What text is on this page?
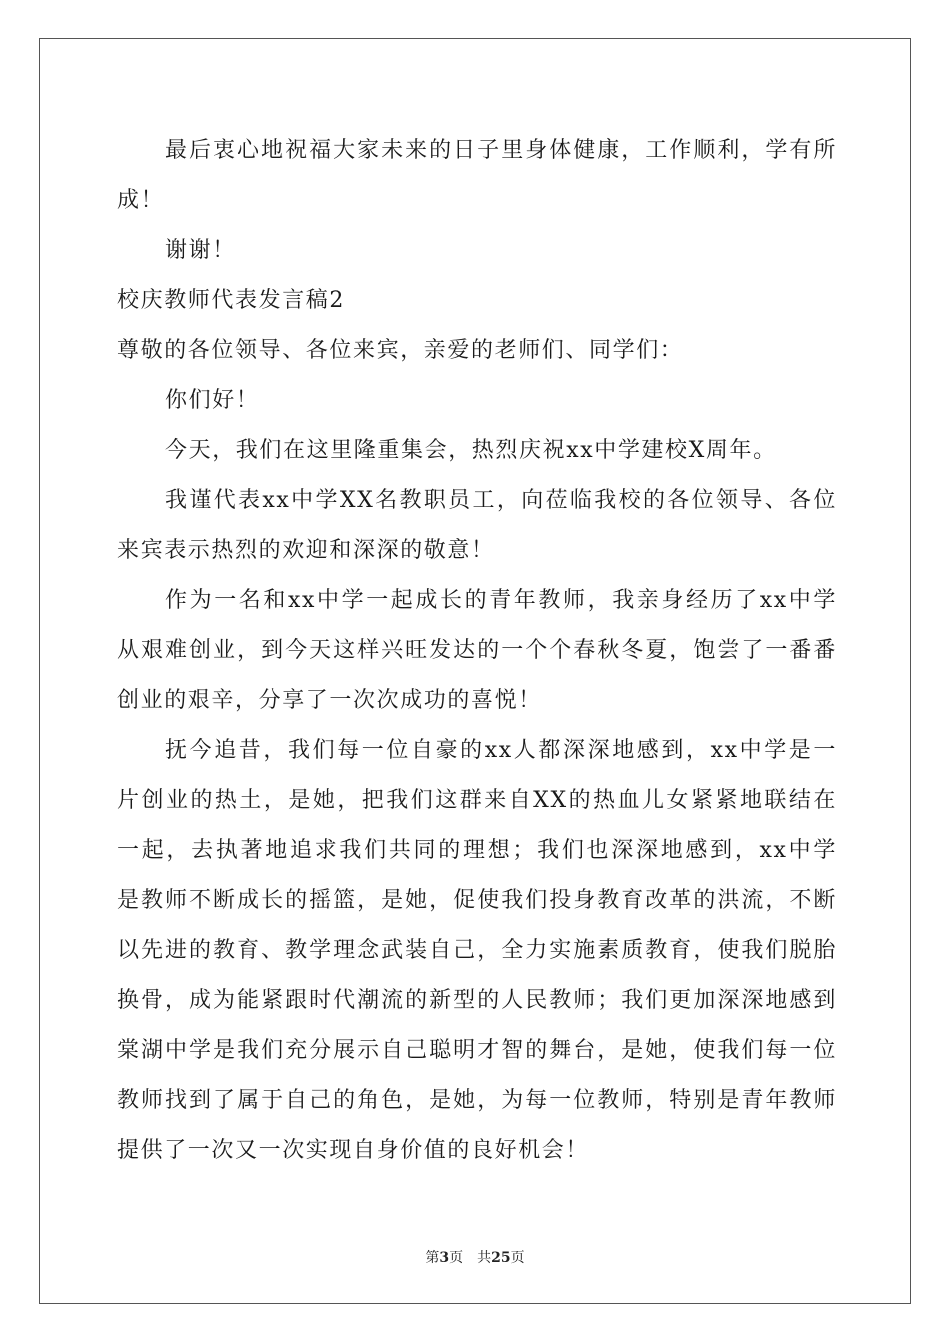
最后衷心地祝福大家未来的日子里身体健康，工作顺利，学有所
成！
谢谢！
校庆教师代表发言稿2
尊敬的各位领导、各位来宾，亲爱的老师们、同学们：
你们好！
今天，我们在这里隆重集会，热烈庆祝xx中学建校X周年。
我谨代表xx中学XX名教职员工，向莅临我校的各位领导、各位
来宾表示热烈的欢迎和深深的敬意！
作为一名和xx中学一起成长的青年教师，我亲身经历了xx中学
从艰难创业，到今天这样兴旺发达的一个个春秋冬夏，饱尝了一番番
创业的艰辛，分享了一次次成功的喜悦！
抚今追昔，我们每一位自豪的xx人都深深地感到，xx中学是一
片创业的热土，是她，把我们这群来自XX的热血儿女紧紧地联结在
一起，去执著地追求我们共同的理想；我们也深深地感到，xx中学
是教师不断成长的摇篮，是她，促使我们投身教育改革的洪流，不断
以先进的教育、教学理念武装自己，全力实施素质教育，使我们脱胎
换骨，成为能紧跟时代潮流的新型的人民教师；我们更加深深地感到
棠湖中学是我们充分展示自己聪明才智的舞台，是她，使我们每一位
教师找到了属于自己的角色，是她，为每一位教师，特别是青年教师
提供了一次又一次实现自身价值的良好机会！
第3页 共25页
